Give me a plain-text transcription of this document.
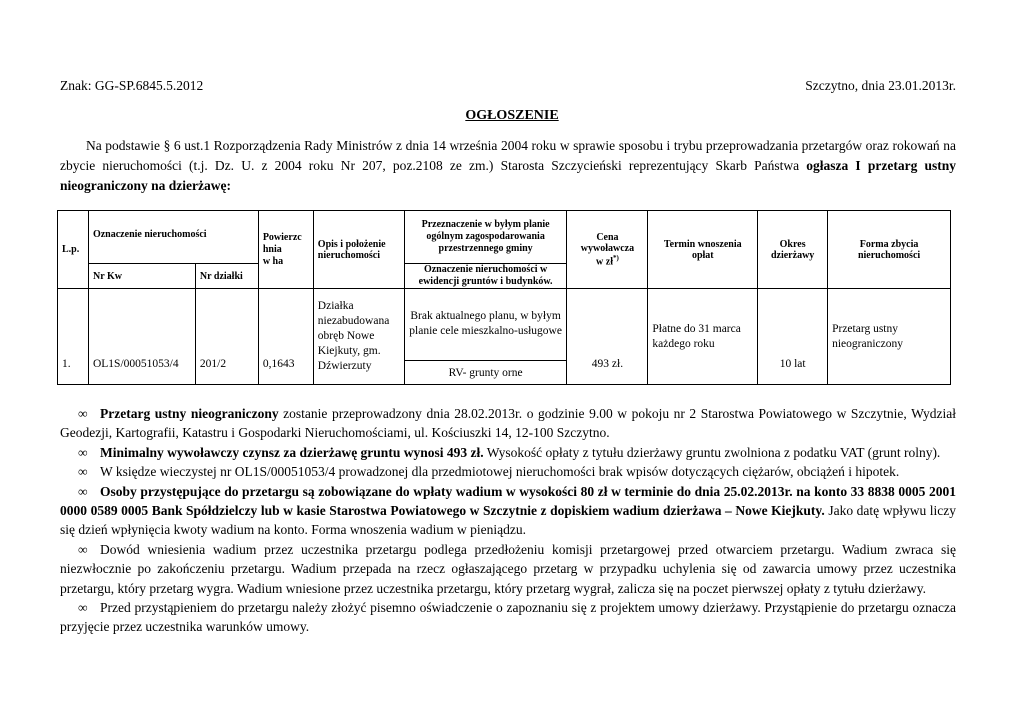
Znak: GG-SP.6845.5.2012	Szczytno, dnia 23.01.2013r.
OGŁOSZENIE

Na podstawie § 6 ust.1 Rozporządzenia Rady Ministrów z dnia 14 września 2004 roku w sprawie sposobu i trybu przeprowadzania przetargów oraz rokowań na zbycie nieruchomości (t.j. Dz. U. z 2004 roku Nr 207, poz.2108 ze zm.) Starosta Szczycieński reprezentujący Skarb Państwa ogłasza I przetarg ustny nieograniczony na dzierżawę:

L.p.	Oznaczenie nieruchomości		Powierzc
hnia
w ha	Opis i położenie nieruchomości	Przeznaczenie w byłym planie ogólnym zagospodarowania przestrzennego gminy	Cena wywoławcza
w zł*)	Termin wnoszenia opłat	Okres dzierżawy	Forma zbycia nieruchomości
	Nr Kw	Nr działki			Oznaczenie nieruchomości w ewidencji gruntów i budynków.				
1.	OL1S/00051053/4	201/2	0,1643	Działka niezabudowana obręb Nowe Kiejkuty, gm. Dźwierzuty	Brak aktualnego planu, w byłym planie cele mieszkalno-usługowe	493 zł.	Płatne do 31 marca każdego roku	10 lat	Przetarg ustny nieograniczony
					RV- grunty orne				

∞ Przetarg ustny nieograniczony zostanie przeprowadzony dnia 28.02.2013r. o godzinie 9.00 w pokoju nr 2 Starostwa Powiatowego w Szczytnie, Wydział Geodezji, Kartografii, Katastru i Gospodarki Nieruchomościami, ul. Kościuszki 14, 12-100 Szczytno.

∞ Minimalny wywoławczy czynsz za dzierżawę gruntu wynosi 493 zł. Wysokość opłaty z tytułu dzierżawy gruntu zwolniona z podatku VAT (grunt rolny).

∞ W księdze wieczystej nr OL1S/00051053/4 prowadzonej dla przedmiotowej nieruchomości brak wpisów dotyczących ciężarów, obciążeń i hipotek.

∞ Osoby przystępujące do przetargu są zobowiązane do wpłaty wadium w wysokości 80 zł w terminie do dnia 25.02.2013r. na konto 33 8838 0005 2001 0000 0589 0005 Bank Spółdzielczy lub w kasie Starostwa Powiatowego w Szczytnie z dopiskiem wadium dzierżawa – Nowe Kiejkuty. Jako datę wpływu liczy się dzień wpłynięcia kwoty wadium na konto. Forma wnoszenia wadium w pieniądzu.

∞ Dowód wniesienia wadium przez uczestnika przetargu podlega przedłożeniu komisji przetargowej przed otwarciem przetargu. Wadium zwraca się niezwłocznie po zakończeniu przetargu. Wadium przepada na rzecz ogłaszającego przetarg w przypadku uchylenia się od zawarcia umowy przez uczestnika przetargu, który przetarg wygra. Wadium wniesione przez uczestnika przetargu, który przetarg wygrał, zalicza się na poczet pierwszej opłaty z tytułu dzierżawy.

∞ Przed przystąpieniem do przetargu należy złożyć pisemno oświadczenie o zapoznaniu się z projektem umowy dzierżawy. Przystąpienie do przetargu oznacza przyjęcie przez uczestnika warunków umowy.
